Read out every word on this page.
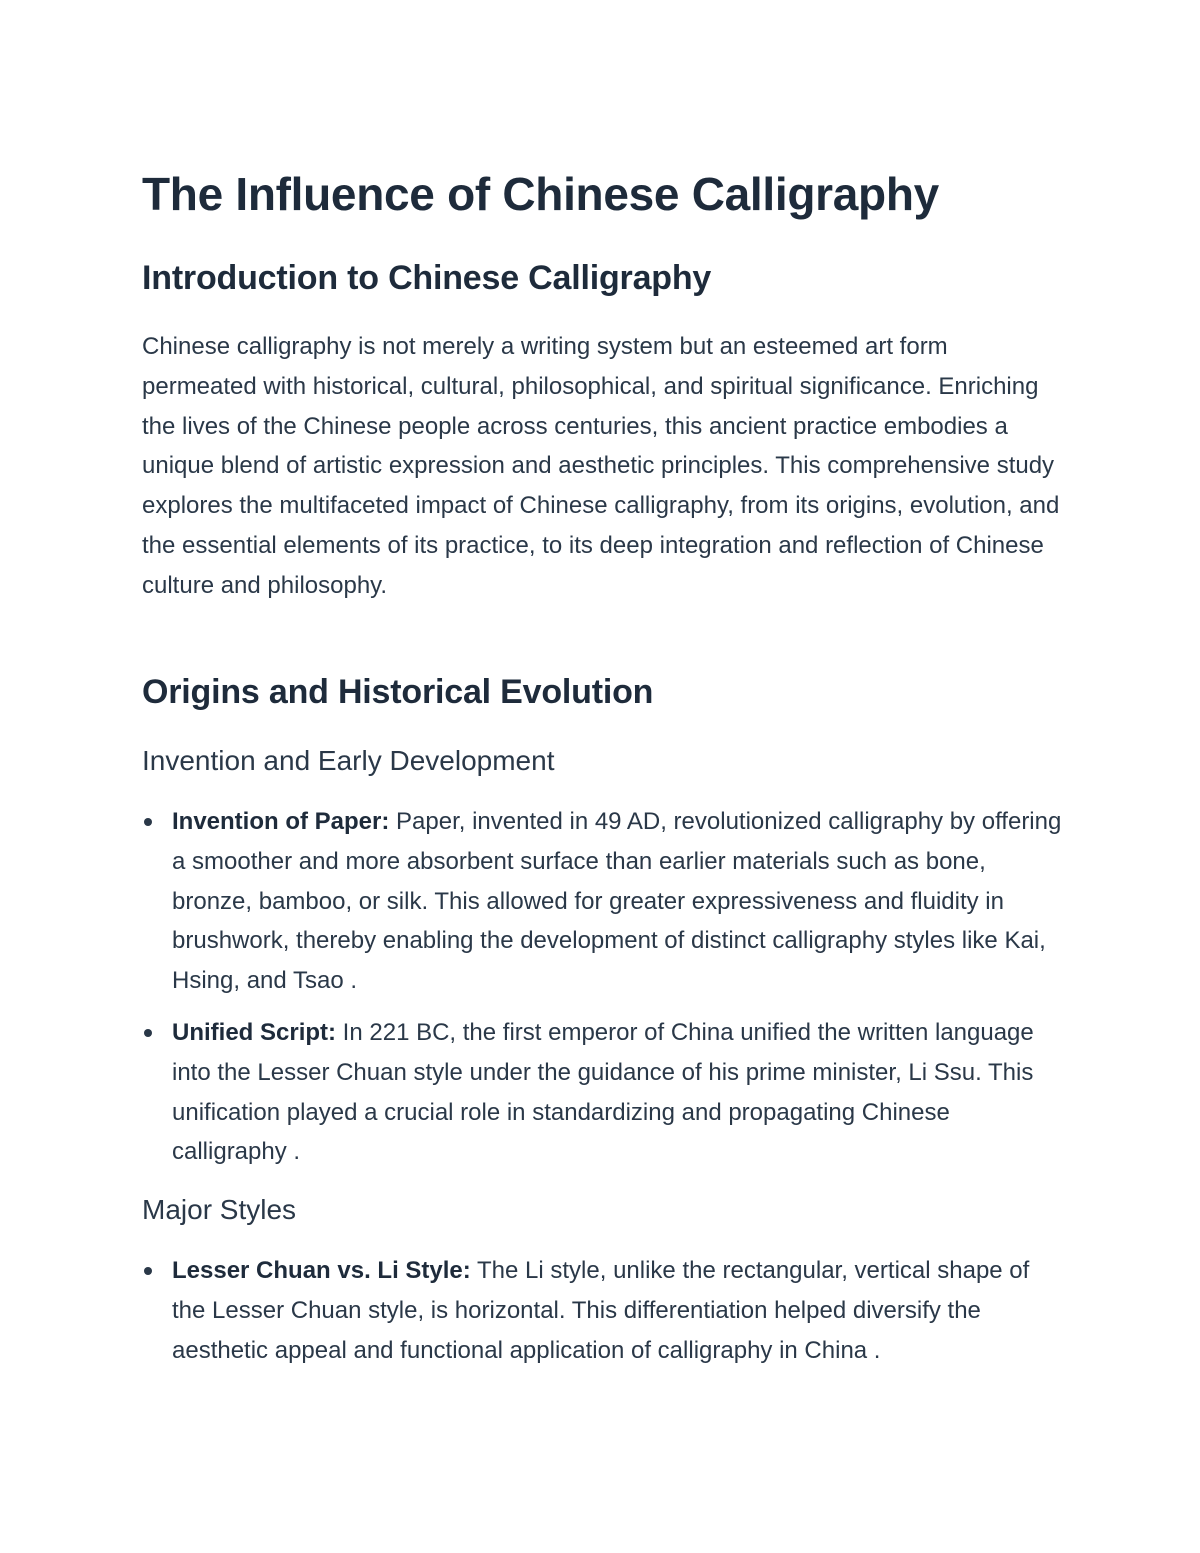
The Influence of Chinese Calligraphy
Introduction to Chinese Calligraphy

Chinese calligraphy is not merely a writing system but an esteemed art form permeated with historical, cultural, philosophical, and spiritual significance. Enriching the lives of the Chinese people across centuries, this ancient practice embodies a unique blend of artistic expression and aesthetic principles. This comprehensive study explores the multifaceted impact of Chinese calligraphy, from its origins, evolution, and the essential elements of its practice, to its deep integration and reflection of Chinese culture and philosophy.

Origins and Historical Evolution
Invention and Early Development
Invention of Paper: Paper, invented in 49 AD, revolutionized calligraphy by offering a smoother and more absorbent surface than earlier materials such as bone, bronze, bamboo, or silk. This allowed for greater expressiveness and fluidity in brushwork, thereby enabling the development of distinct calligraphy styles like Kai, Hsing, and Tsao .
Unified Script: In 221 BC, the first emperor of China unified the written language into the Lesser Chuan style under the guidance of his prime minister, Li Ssu. This unification played a crucial role in standardizing and propagating Chinese calligraphy .
Major Styles
Lesser Chuan vs. Li Style: The Li style, unlike the rectangular, vertical shape of the Lesser Chuan style, is horizontal. This differentiation helped diversify the aesthetic appeal and functional application of calligraphy in China .
